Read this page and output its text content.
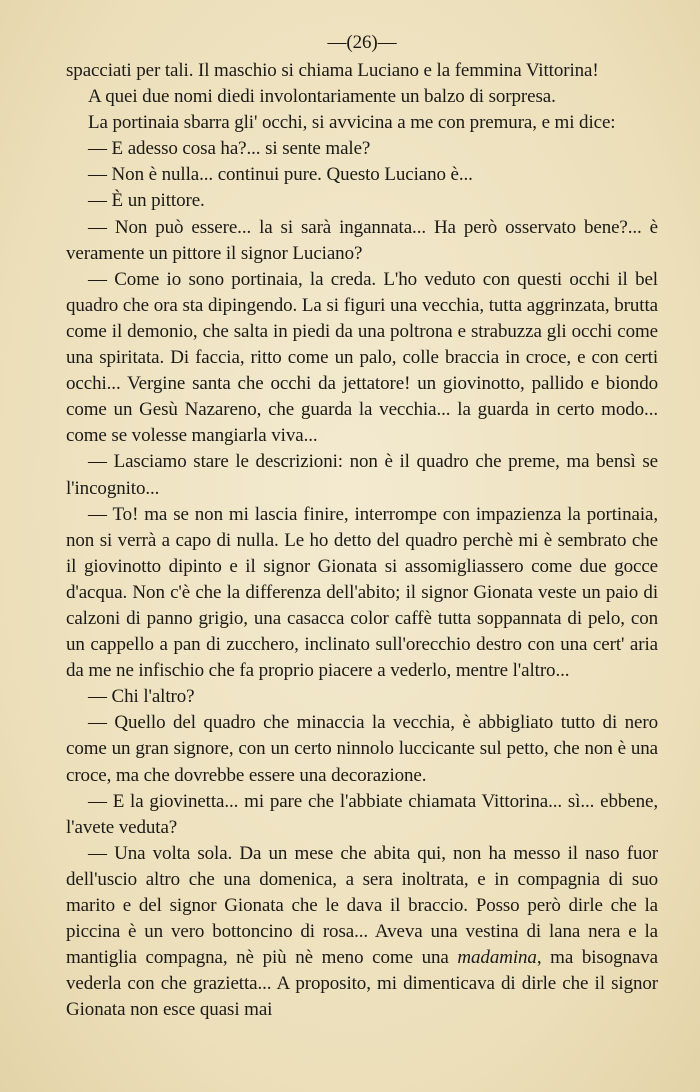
—(26)—

spacciati per tali. Il maschio si chiama Luciano e la femmina Vittorina!

A quei due nomi diedi involontariamente un balzo di sorpresa.

La portinaia sbarra gli' occhi, si avvicina a me con premura, e mi dice:

— E adesso cosa ha?... si sente male?

— Non è nulla... continui pure. Questo Luciano è...

— È un pittore.

— Non può essere... la si sarà ingannata... Ha però osservato bene?... è veramente un pittore il signor Luciano?

— Come io sono portinaia, la creda. L'ho veduto con questi occhi il bel quadro che ora sta dipingendo. La si figuri una vecchia, tutta aggrinzata, brutta come il demonio, che salta in piedi da una poltrona e strabuzza gli occhi come una spiritata. Di faccia, ritto come un palo, colle braccia in croce, e con certi occhi... Vergine santa che occhi da jettatore! un giovinotto, pallido e biondo come un Gesù Nazareno, che guarda la vecchia... la guarda in certo modo... come se volesse mangiarla viva...

— Lasciamo stare le descrizioni: non è il quadro che preme, ma bensì se l'incognito...

— To! ma se non mi lascia finire, interrompe con impazienza la portinaia, non si verrà a capo di nulla. Le ho detto del quadro perchè mi è sembrato che il giovinotto dipinto e il signor Gionata si assomigliassero come due gocce d'acqua. Non c'è che la differenza dell'abito; il signor Gionata veste un paio di calzoni di panno grigio, una casacca color caffè tutta soppannata di pelo, con un cappello a pan di zucchero, inclinato sull'orecchio destro con una cert' aria da me ne infischio che fa proprio piacere a vederlo, mentre l'altro...

— Chi l'altro?

— Quello del quadro che minaccia la vecchia, è abbigliato tutto di nero come un gran signore, con un certo ninnolo luccicante sul petto, che non è una croce, ma che dovrebbe essere una decorazione.

— E la giovinetta... mi pare che l'abbiate chiamata Vittorina... sì... ebbene, l'avete veduta?

— Una volta sola. Da un mese che abita qui, non ha messo il naso fuor dell'uscio altro che una domenica, a sera inoltrata, e in compagnia di suo marito e del signor Gionata che le dava il braccio. Posso però dirle che la piccina è un vero bottoncino di rosa... Aveva una vestina di lana nera e la mantiglia compagna, nè più nè meno come una madamina, ma bisognava vederla con che grazietta... A proposito, mi dimenticava di dirle che il signor Gionata non esce quasi mai
